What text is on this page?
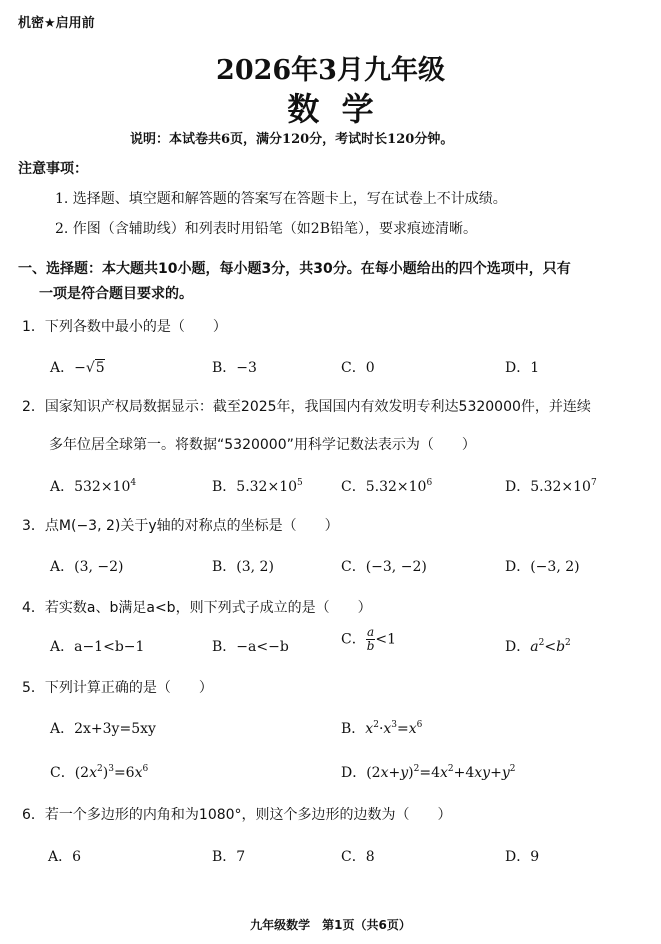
机密★启用前
2026年3月九年级
数  学
说明：本试卷共6页，满分120分，考试时长120分钟。
注意事项：
1. 选择题、填空题和解答题的答案写在答题卡上，写在试卷上不计成绩。
2. 作图（含辅助线）和列表时用铅笔（如2B铅笔），要求痕迹清晰。
一、选择题：本大题共10小题，每小题3分，共30分。在每小题给出的四个选项中，只有
一项是符合题目要求的。
1．下列各数中最小的是（　　）
A．−√5	B．−3	C．0	D．1
2．国家知识产权局数据显示：截至2025年，我国国内有效发明专利达5320000件，并连续
多年位居全球第一。将数据“5320000”用科学记数法表示为（　　）
A．$532\times 10^4$	B．$5.32\times 10^5$	C．$5.32\times 10^6$	D．$5.32\times 10^7$
3．点M(−3, 2)关于y轴的对称点的坐标是（　　）
A．(3, −2)	B．(3, 2)	C．(−3, −2)	D．(−3, 2)
4．若实数a、b满足a<b，则下列式子成立的是（　　）
A．a−1<b−1	B．−a<−b	C． $\frac{a}{b} <1$	D．$a^2<b^2$
5．下列计算正确的是（　　）
A．2x+3y=5xy	B．$x^2\cdot x^3=x^6$
C．$(2x^2)^3=6x^6$	D．$(2x+y)^2=4x^2+4xy+y^2$
6．若一个多边形的内角和为1080°，则这个多边形的边数为（　　）
A．6	B．7	C．8	D．9
九年级数学　第1页（共6页）
